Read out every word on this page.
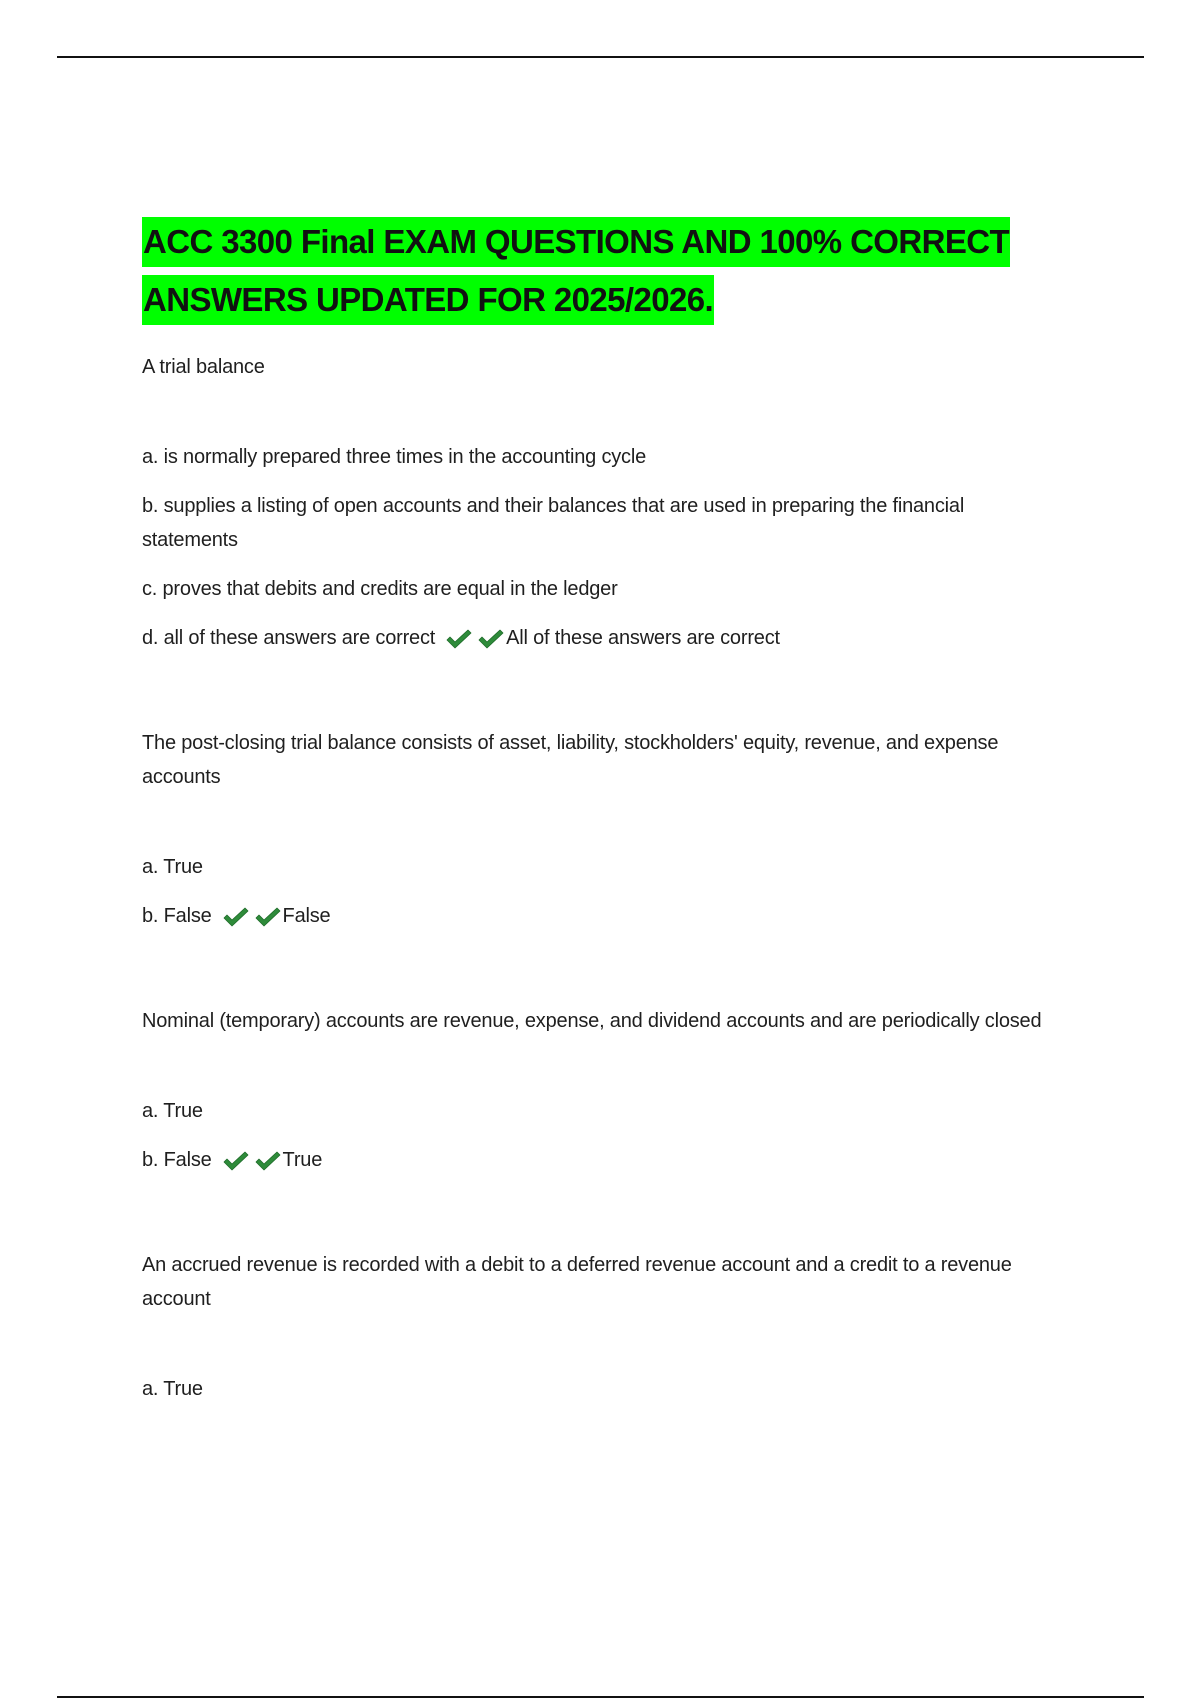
ACC 3300 Final EXAM QUESTIONS AND 100% CORRECT
ANSWERS UPDATED FOR 2025/2026.
A trial balance
a. is normally prepared three times in the accounting cycle
b. supplies a listing of open accounts and their balances that are used in preparing the financial statements
c. proves that debits and credits are equal in the ledger
d. all of these answers are correct	All of these answers are correct
The post-closing trial balance consists of asset, liability, stockholders' equity, revenue, and expense accounts
a. True
b. False	False
Nominal (temporary) accounts are revenue, expense, and dividend accounts and are periodically closed
a. True
b. False	True
An accrued revenue is recorded with a debit to a deferred revenue account and a credit to a revenue account
a. True
